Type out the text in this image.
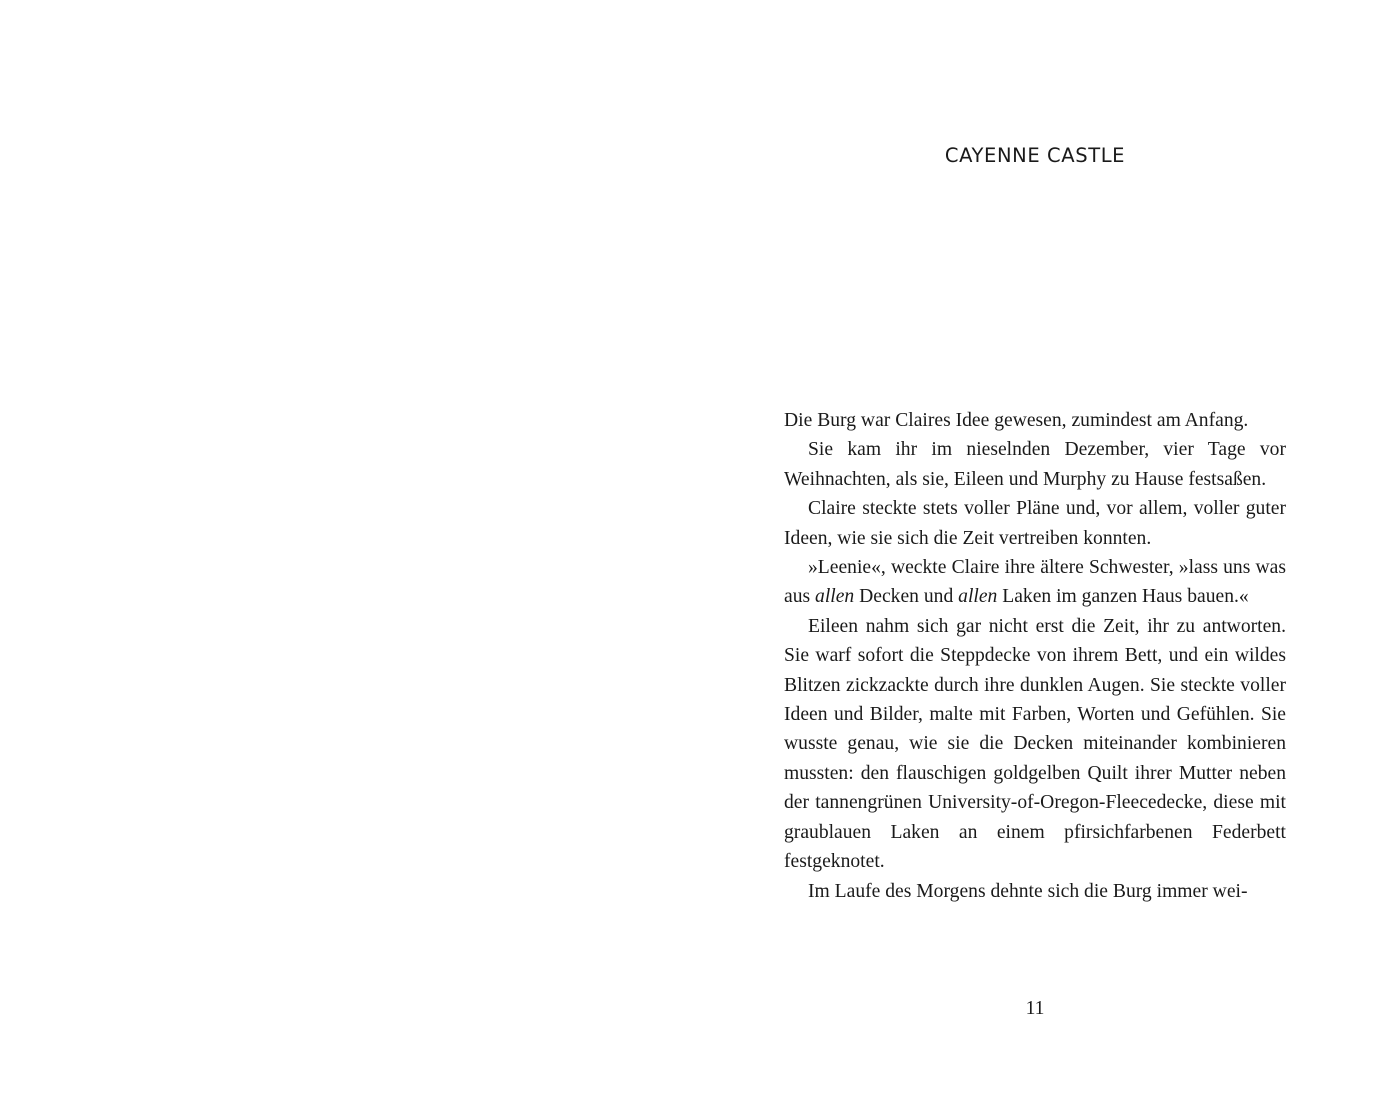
CAYENNE CASTLE

Die Burg war Claires Idee gewesen, zumindest am Anfang.

Sie kam ihr im nieselnden Dezember, vier Tage vor Weihnachten, als sie, Eileen und Murphy zu Hause festsaßen.

Claire steckte stets voller Pläne und, vor allem, voller guter Ideen, wie sie sich die Zeit vertreiben konnten.

»Leenie«, weckte Claire ihre ältere Schwester, »lass uns was aus allen Decken und allen Laken im ganzen Haus bauen.«

Eileen nahm sich gar nicht erst die Zeit, ihr zu antworten. Sie warf sofort die Steppdecke von ihrem Bett, und ein wildes Blitzen zickzackte durch ihre dunklen Augen. Sie steckte voller Ideen und Bilder, malte mit Farben, Worten und Gefühlen. Sie wusste genau, wie sie die Decken miteinander kombinieren mussten: den flauschigen goldgelben Quilt ihrer Mutter neben der tannengrünen University-of-Oregon-Fleecedecke, diese mit graublauen Laken an einem pfirsichfarbenen Federbett festgeknotet.

Im Laufe des Morgens dehnte sich die Burg immer wei-

11
